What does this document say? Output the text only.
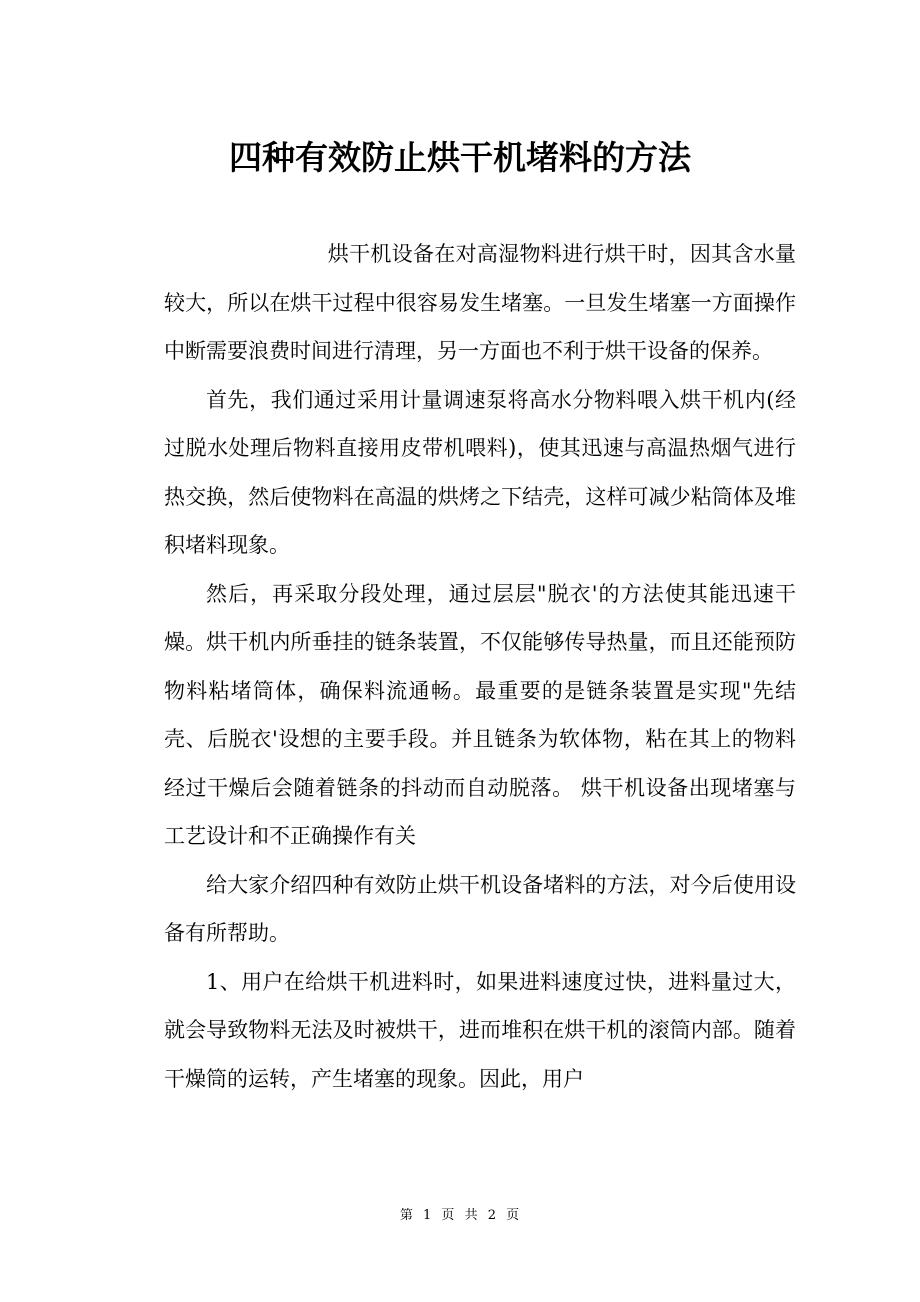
四种有效防止烘干机堵料的方法

烘干机设备在对高湿物料进行烘干时，因其含水量较大，所以在烘干过程中很容易发生堵塞。一旦发生堵塞一方面操作中断需要浪费时间进行清理，另一方面也不利于烘干设备的保养。

首先，我们通过采用计量调速泵将高水分物料喂入烘干机内(经过脱水处理后物料直接用皮带机喂料)，使其迅速与高温热烟气进行热交换，然后使物料在高温的烘烤之下结壳，这样可减少粘筒体及堆积堵料现象。

然后，再采取分段处理，通过层层"脱衣'的方法使其能迅速干燥。烘干机内所垂挂的链条装置，不仅能够传导热量，而且还能预防物料粘堵筒体，确保料流通畅。最重要的是链条装置是实现"先结壳、后脱衣'设想的主要手段。并且链条为软体物，粘在其上的物料经过干燥后会随着链条的抖动而自动脱落。 烘干机设备出现堵塞与工艺设计和不正确操作有关

给大家介绍四种有效防止烘干机设备堵料的方法，对今后使用设备有所帮助。

1、用户在给烘干机进料时，如果进料速度过快，进料量过大，就会导致物料无法及时被烘干，进而堆积在烘干机的滚筒内部。随着干燥筒的运转，产生堵塞的现象。因此，用户

第 1 页 共 2 页
